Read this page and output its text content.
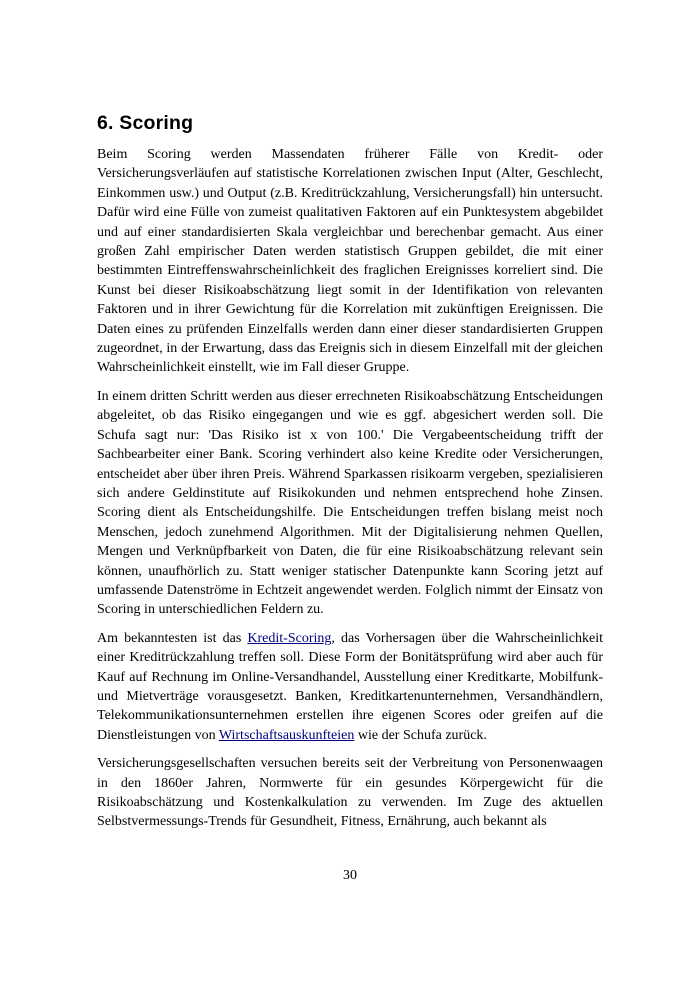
6. Scoring

Beim Scoring werden Massendaten früherer Fälle von Kredit- oder Versicherungsverläufen auf statistische Korrelationen zwischen Input (Alter, Geschlecht, Einkommen usw.) und Output (z.B. Kreditrückzahlung, Versicherungsfall) hin untersucht. Dafür wird eine Fülle von zumeist qualitativen Faktoren auf ein Punktesystem abgebildet und auf einer standardisierten Skala vergleichbar und berechenbar gemacht. Aus einer großen Zahl empirischer Daten werden statistisch Gruppen gebildet, die mit einer bestimmten Eintreffenswahrscheinlichkeit des fraglichen Ereignisses korreliert sind. Die Kunst bei dieser Risikoabschätzung liegt somit in der Identifikation von relevanten Faktoren und in ihrer Gewichtung für die Korrelation mit zukünftigen Ereignissen. Die Daten eines zu prüfenden Einzelfalls werden dann einer dieser standardisierten Gruppen zugeordnet, in der Erwartung, dass das Ereignis sich in diesem Einzelfall mit der gleichen Wahrscheinlichkeit einstellt, wie im Fall dieser Gruppe.

In einem dritten Schritt werden aus dieser errechneten Risikoabschätzung Entscheidungen abgeleitet, ob das Risiko eingegangen und wie es ggf. abgesichert werden soll. Die Schufa sagt nur: 'Das Risiko ist x von 100.' Die Vergabeentscheidung trifft der Sachbearbeiter einer Bank. Scoring verhindert also keine Kredite oder Versicherungen, entscheidet aber über ihren Preis. Während Sparkassen risikoarm vergeben, spezialisieren sich andere Geldinstitute auf Risikokunden und nehmen entsprechend hohe Zinsen. Scoring dient als Entscheidungshilfe. Die Entscheidungen treffen bislang meist noch Menschen, jedoch zunehmend Algorithmen. Mit der Digitalisierung nehmen Quellen, Mengen und Verknüpfbarkeit von Daten, die für eine Risikoabschätzung relevant sein können, unaufhörlich zu. Statt weniger statischer Datenpunkte kann Scoring jetzt auf umfassende Datenströme in Echtzeit angewendet werden. Folglich nimmt der Einsatz von Scoring in unterschiedlichen Feldern zu.

Am bekanntesten ist das Kredit-Scoring, das Vorhersagen über die Wahrscheinlichkeit einer Kreditrückzahlung treffen soll. Diese Form der Bonitätsprüfung wird aber auch für Kauf auf Rechnung im Online-Versandhandel, Ausstellung einer Kreditkarte, Mobilfunk- und Mietverträge vorausgesetzt. Banken, Kreditkartenunternehmen, Versandhändlern, Telekommunikationsunternehmen erstellen ihre eigenen Scores oder greifen auf die Dienstleistungen von Wirtschaftsauskunfteien wie der Schufa zurück.

Versicherungsgesellschaften versuchen bereits seit der Verbreitung von Personenwaagen in den 1860er Jahren, Normwerte für ein gesundes Körpergewicht für die Risikoabschätzung und Kostenkalkulation zu verwenden. Im Zuge des aktuellen Selbstvermessungs-Trends für Gesundheit, Fitness, Ernährung, auch bekannt als

30
